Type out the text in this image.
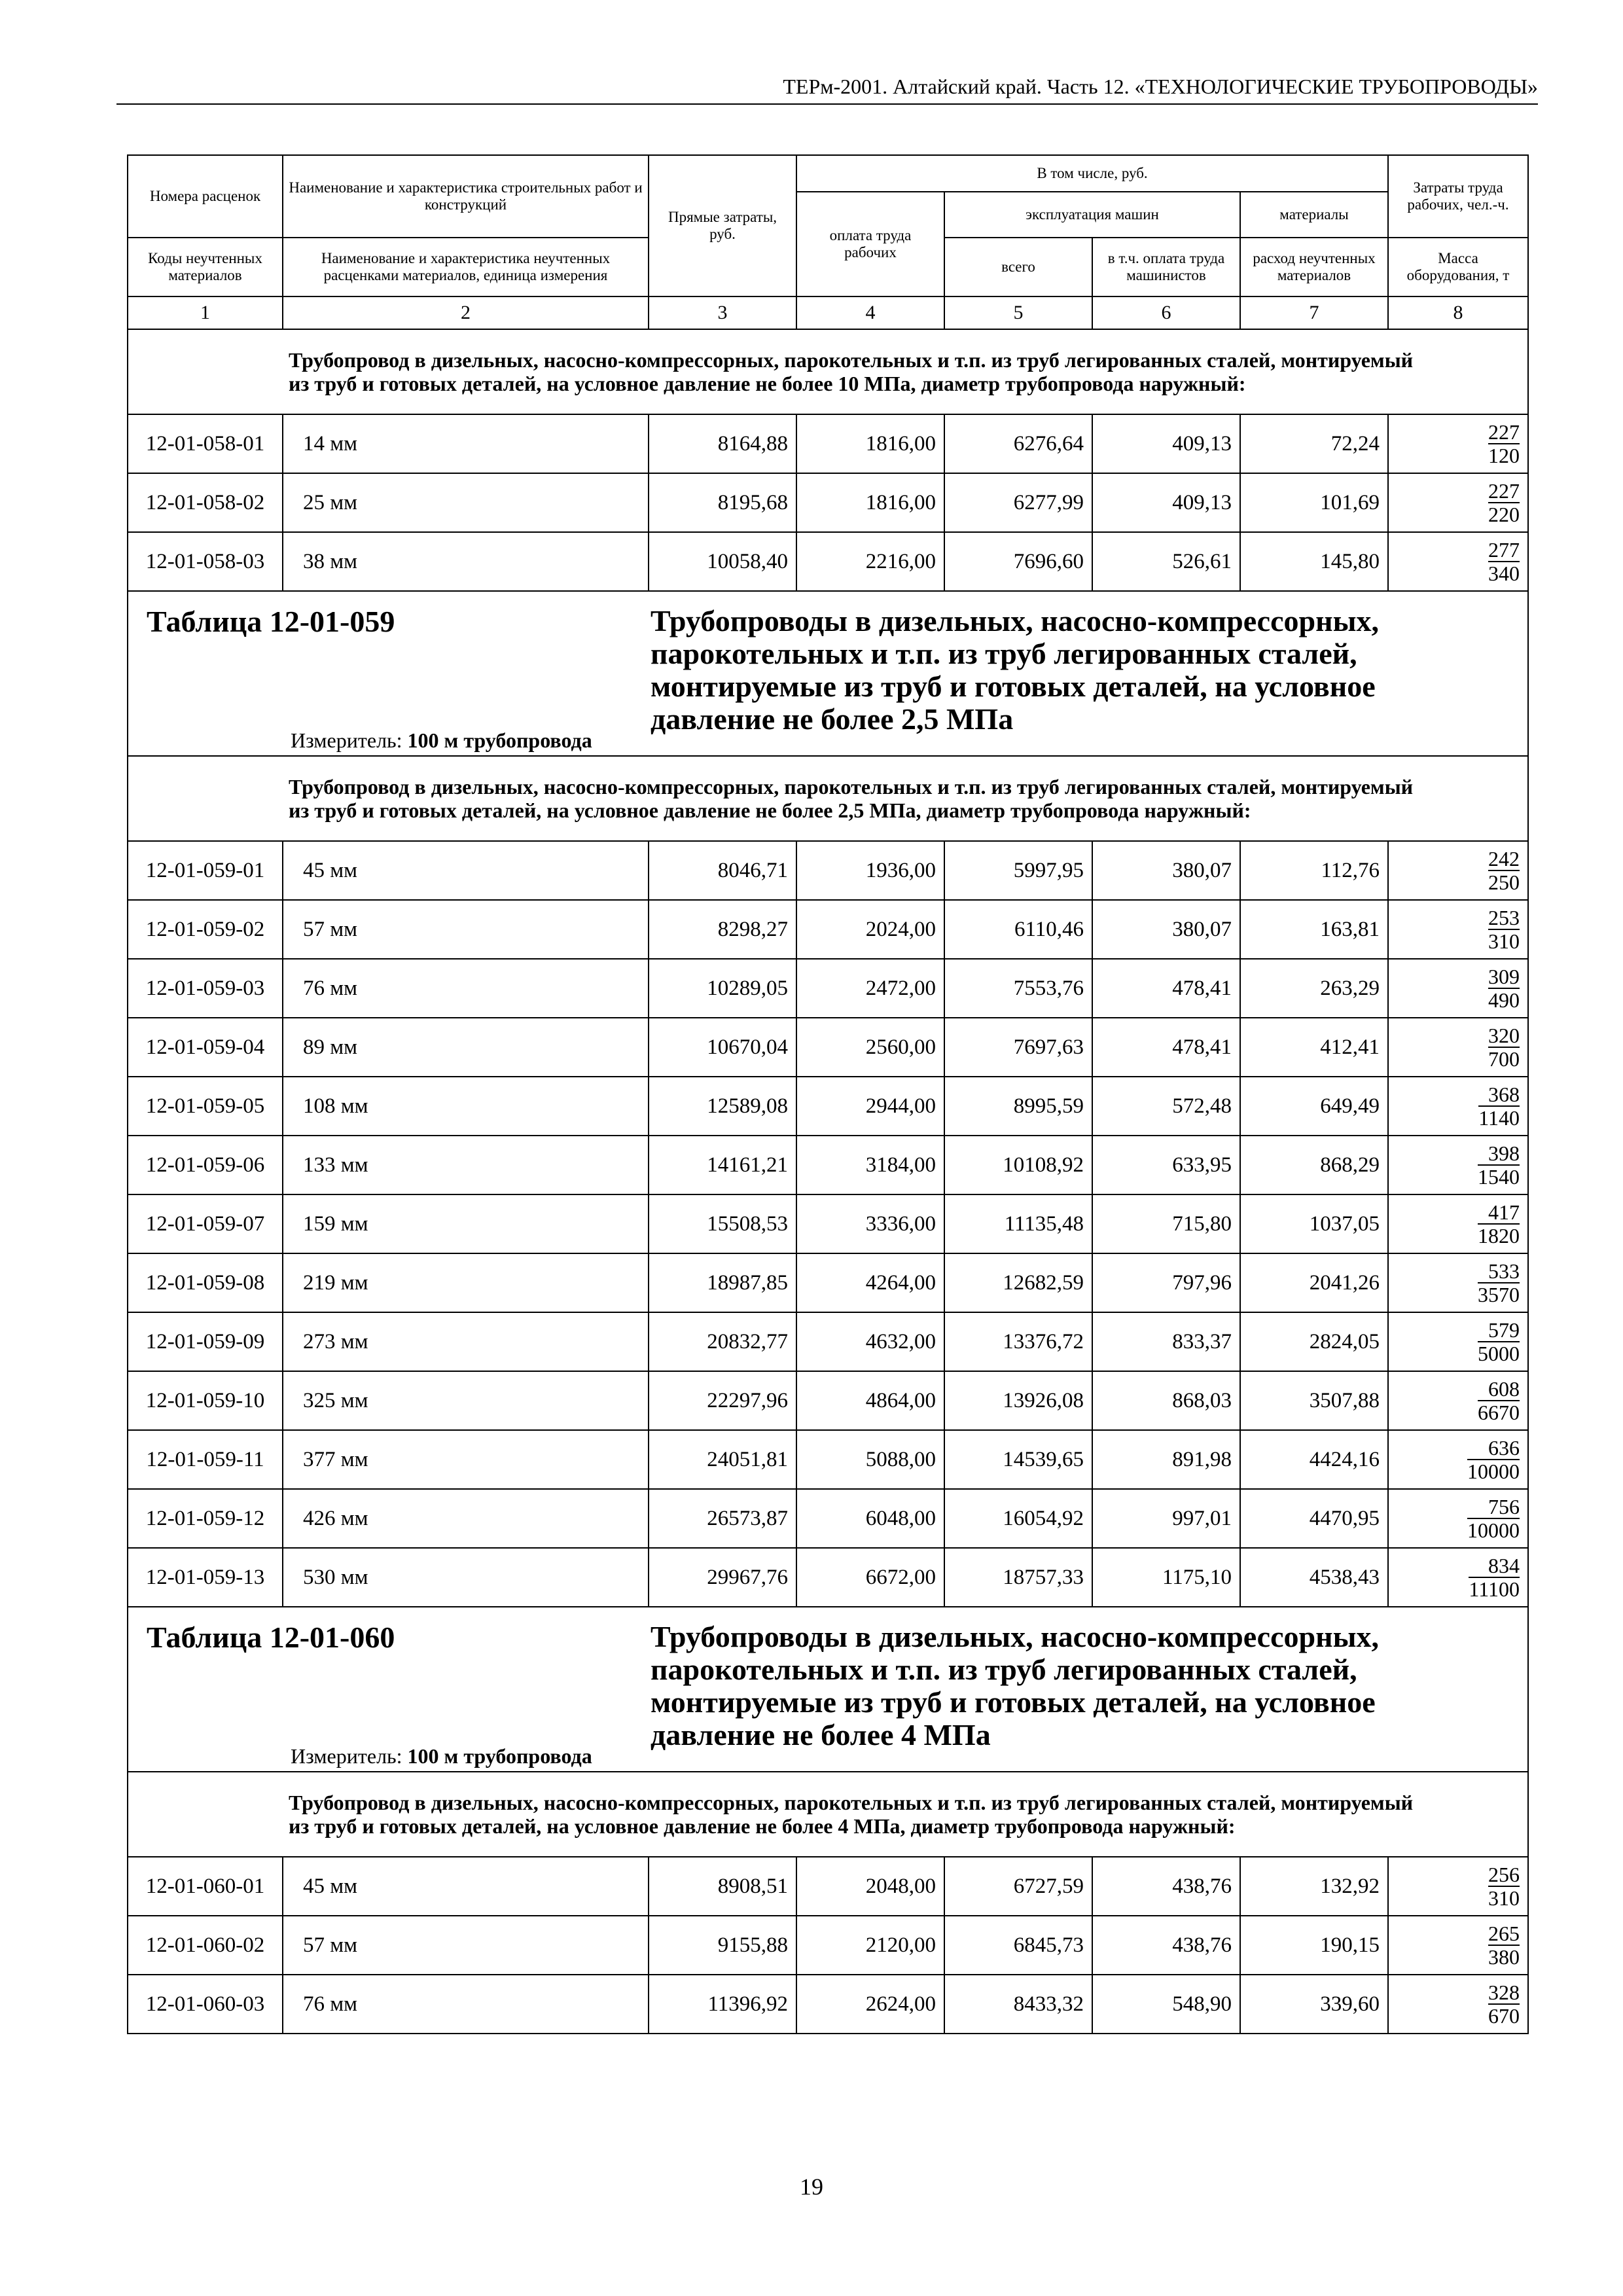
ТЕРм-2001. Алтайский край. Часть 12. «ТЕХНОЛОГИЧЕСКИЕ ТРУБОПРОВОДЫ»
Номера расценок	Наименование и характеристика строительных работ и конструкций	Прямые затраты, руб.	В том числе, руб.				Затраты труда рабочих, чел.-ч.
			оплата труда рабочих	эксплуатация машин		материалы	
Коды неучтенных материалов	Наименование и характеристика неучтенных расценками материалов, единица измерения			всего	в т.ч. оплата труда машинистов	расход неучтенных материалов	Масса оборудования, т
1	2	3	4	5	6	7	8
Трубопровод в дизельных, насосно-компрессорных, парокотельных и т.п. из труб легированных сталей, монтируемый из труб и готовых деталей, на условное давление не более 10 МПа, диаметр трубопровода наружный:							
12-01-058-01	14 мм	8164,88	1816,00	6276,64	409,13	72,24	$\frac{227}{120}$

12-01-058-02	25 мм	8195,68	1816,00	6277,99	409,13	101,69	$\frac{227}{220}$

12-01-058-03	38 мм	10058,40	2216,00	7696,60	526,61	145,80	$\frac{277}{340}$

Таблица 12-01-059 Трубопроводы в дизельных, насосно-компрессорных, парокотельных и т.п. из труб легированных сталей, монтируемые из труб и готовых деталей, на условное давление не более 2,5 МПа
Измеритель: 100 м трубопровода							

Трубопровод в дизельных, насосно-компрессорных, парокотельных и т.п. из труб легированных сталей, монтируемый из труб и готовых деталей, на условное давление не более 2,5 МПа, диаметр трубопровода наружный:							
12-01-059-01	45 мм	8046,71	1936,00	5997,95	380,07	112,76	$\frac{242}{250}$

12-01-059-02	57 мм	8298,27	2024,00	6110,46	380,07	163,81	$\frac{253}{310}$

12-01-059-03	76 мм	10289,05	2472,00	7553,76	478,41	263,29	$\frac{309}{490}$

12-01-059-04	89 мм	10670,04	2560,00	7697,63	478,41	412,41	$\frac{320}{700}$

12-01-059-05	108 мм	12589,08	2944,00	8995,59	572,48	649,49	$\frac{368}{1140}$

12-01-059-06	133 мм	14161,21	3184,00	10108,92	633,95	868,29	$\frac{398}{1540}$

12-01-059-07	159 мм	15508,53	3336,00	11135,48	715,80	1037,05	$\frac{417}{1820}$

12-01-059-08	219 мм	18987,85	4264,00	12682,59	797,96	2041,26	$\frac{533}{3570}$

12-01-059-09	273 мм	20832,77	4632,00	13376,72	833,37	2824,05	$\frac{579}{5000}$

12-01-059-10	325 мм	22297,96	4864,00	13926,08	868,03	3507,88	$\frac{608}{6670}$

12-01-059-11	377 мм	24051,81	5088,00	14539,65	891,98	4424,16	$\frac{636}{10000}$

12-01-059-12	426 мм	26573,87	6048,00	16054,92	997,01	4470,95	$\frac{756}{10000}$

12-01-059-13	530 мм	29967,76	6672,00	18757,33	1175,10	4538,43	$\frac{834}{11100}$

Таблица 12-01-060 Трубопроводы в дизельных, насосно-компрессорных, парокотельных и т.п. из труб легированных сталей, монтируемые из труб и готовых деталей, на условное давление не более 4 МПа
Измеритель: 100 м трубопровода							

Трубопровод в дизельных, насосно-компрессорных, парокотельных и т.п. из труб легированных сталей, монтируемый из труб и готовых деталей, на условное давление не более 4 МПа, диаметр трубопровода наружный:							
12-01-060-01	45 мм	8908,51	2048,00	6727,59	438,76	132,92	$\frac{256}{310}$

12-01-060-02	57 мм	9155,88	2120,00	6845,73	438,76	190,15	$\frac{265}{380}$

12-01-060-03	76 мм	11396,92	2624,00	8433,32	548,90	339,60	$\frac{328}{670}$
19
